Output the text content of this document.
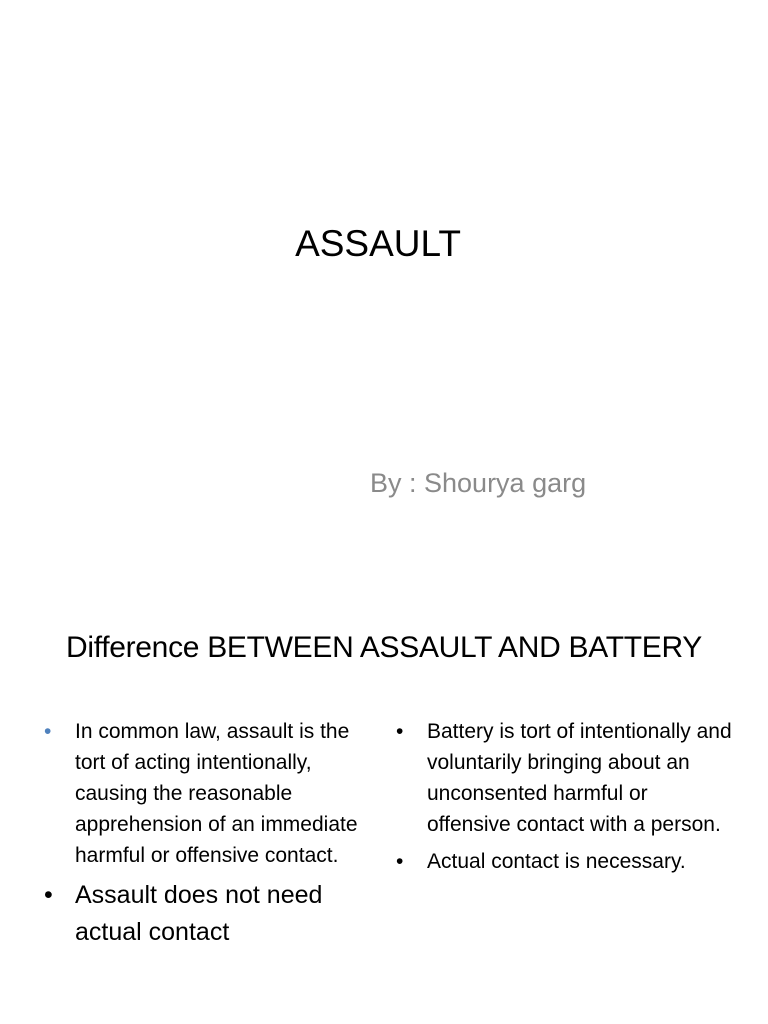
ASSAULT
By : Shourya garg
Difference BETWEEN ASSAULT AND BATTERY
• In common law, assault is the tort of acting intentionally, causing the reasonable apprehension of an immediate harmful or offensive contact.
• Assault does not need actual contact
• Battery is tort of intentionally and voluntarily bringing about an unconsented harmful or offensive contact with a person.
• Actual contact is necessary.
